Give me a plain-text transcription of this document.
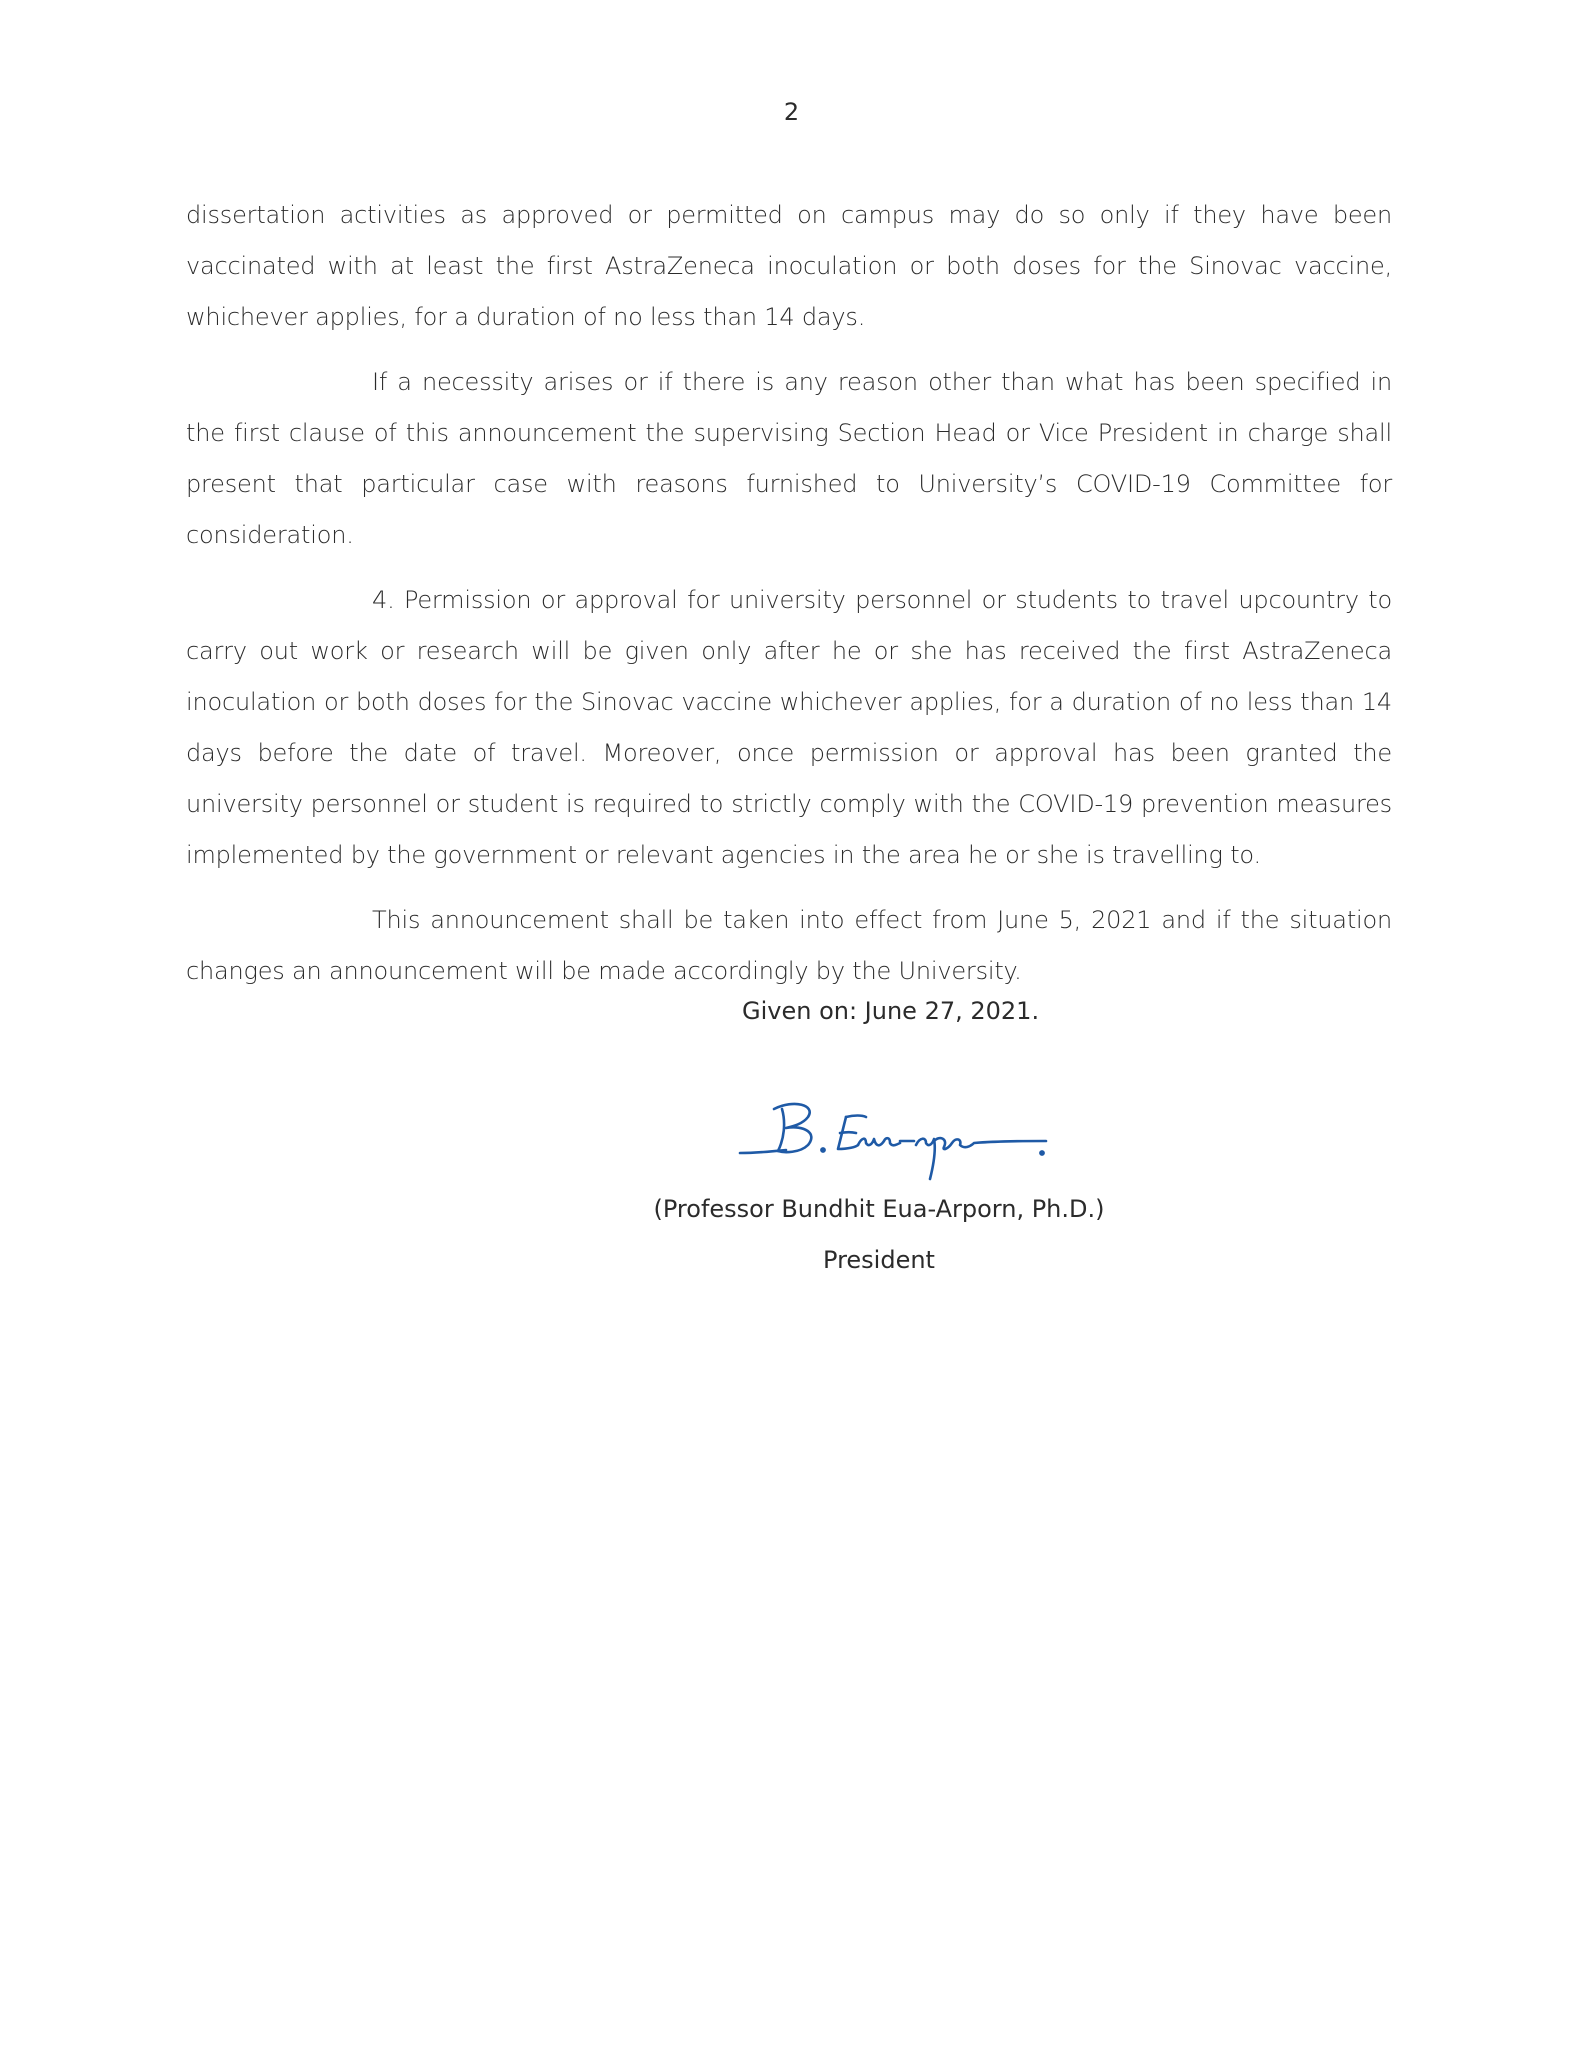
2

dissertation activities as approved or permitted on campus may do so only if they have been vaccinated with at least the first AstraZeneca inoculation or both doses for the Sinovac vaccine, whichever applies, for a duration of no less than 14 days.

If a necessity arises or if there is any reason other than what has been specified in the first clause of this announcement the supervising Section Head or Vice President in charge shall present that particular case with reasons furnished to University’s COVID-19 Committee for consideration.

4. Permission or approval for university personnel or students to travel upcountry to carry out work or research will be given only after he or she has received the first AstraZeneca inoculation or both doses for the Sinovac vaccine whichever applies, for a duration of no less than 14 days before the date of travel. Moreover, once permission or approval has been granted the university personnel or student is required to strictly comply with the COVID-19 prevention measures implemented by the government or relevant agencies in the area he or she is travelling to.

This announcement shall be taken into effect from June 5, 2021 and if the situation changes an announcement will be made accordingly by the University.

Given on: June 27, 2021.
(Professor Bundhit Eua-Arporn, Ph.D.)
President
